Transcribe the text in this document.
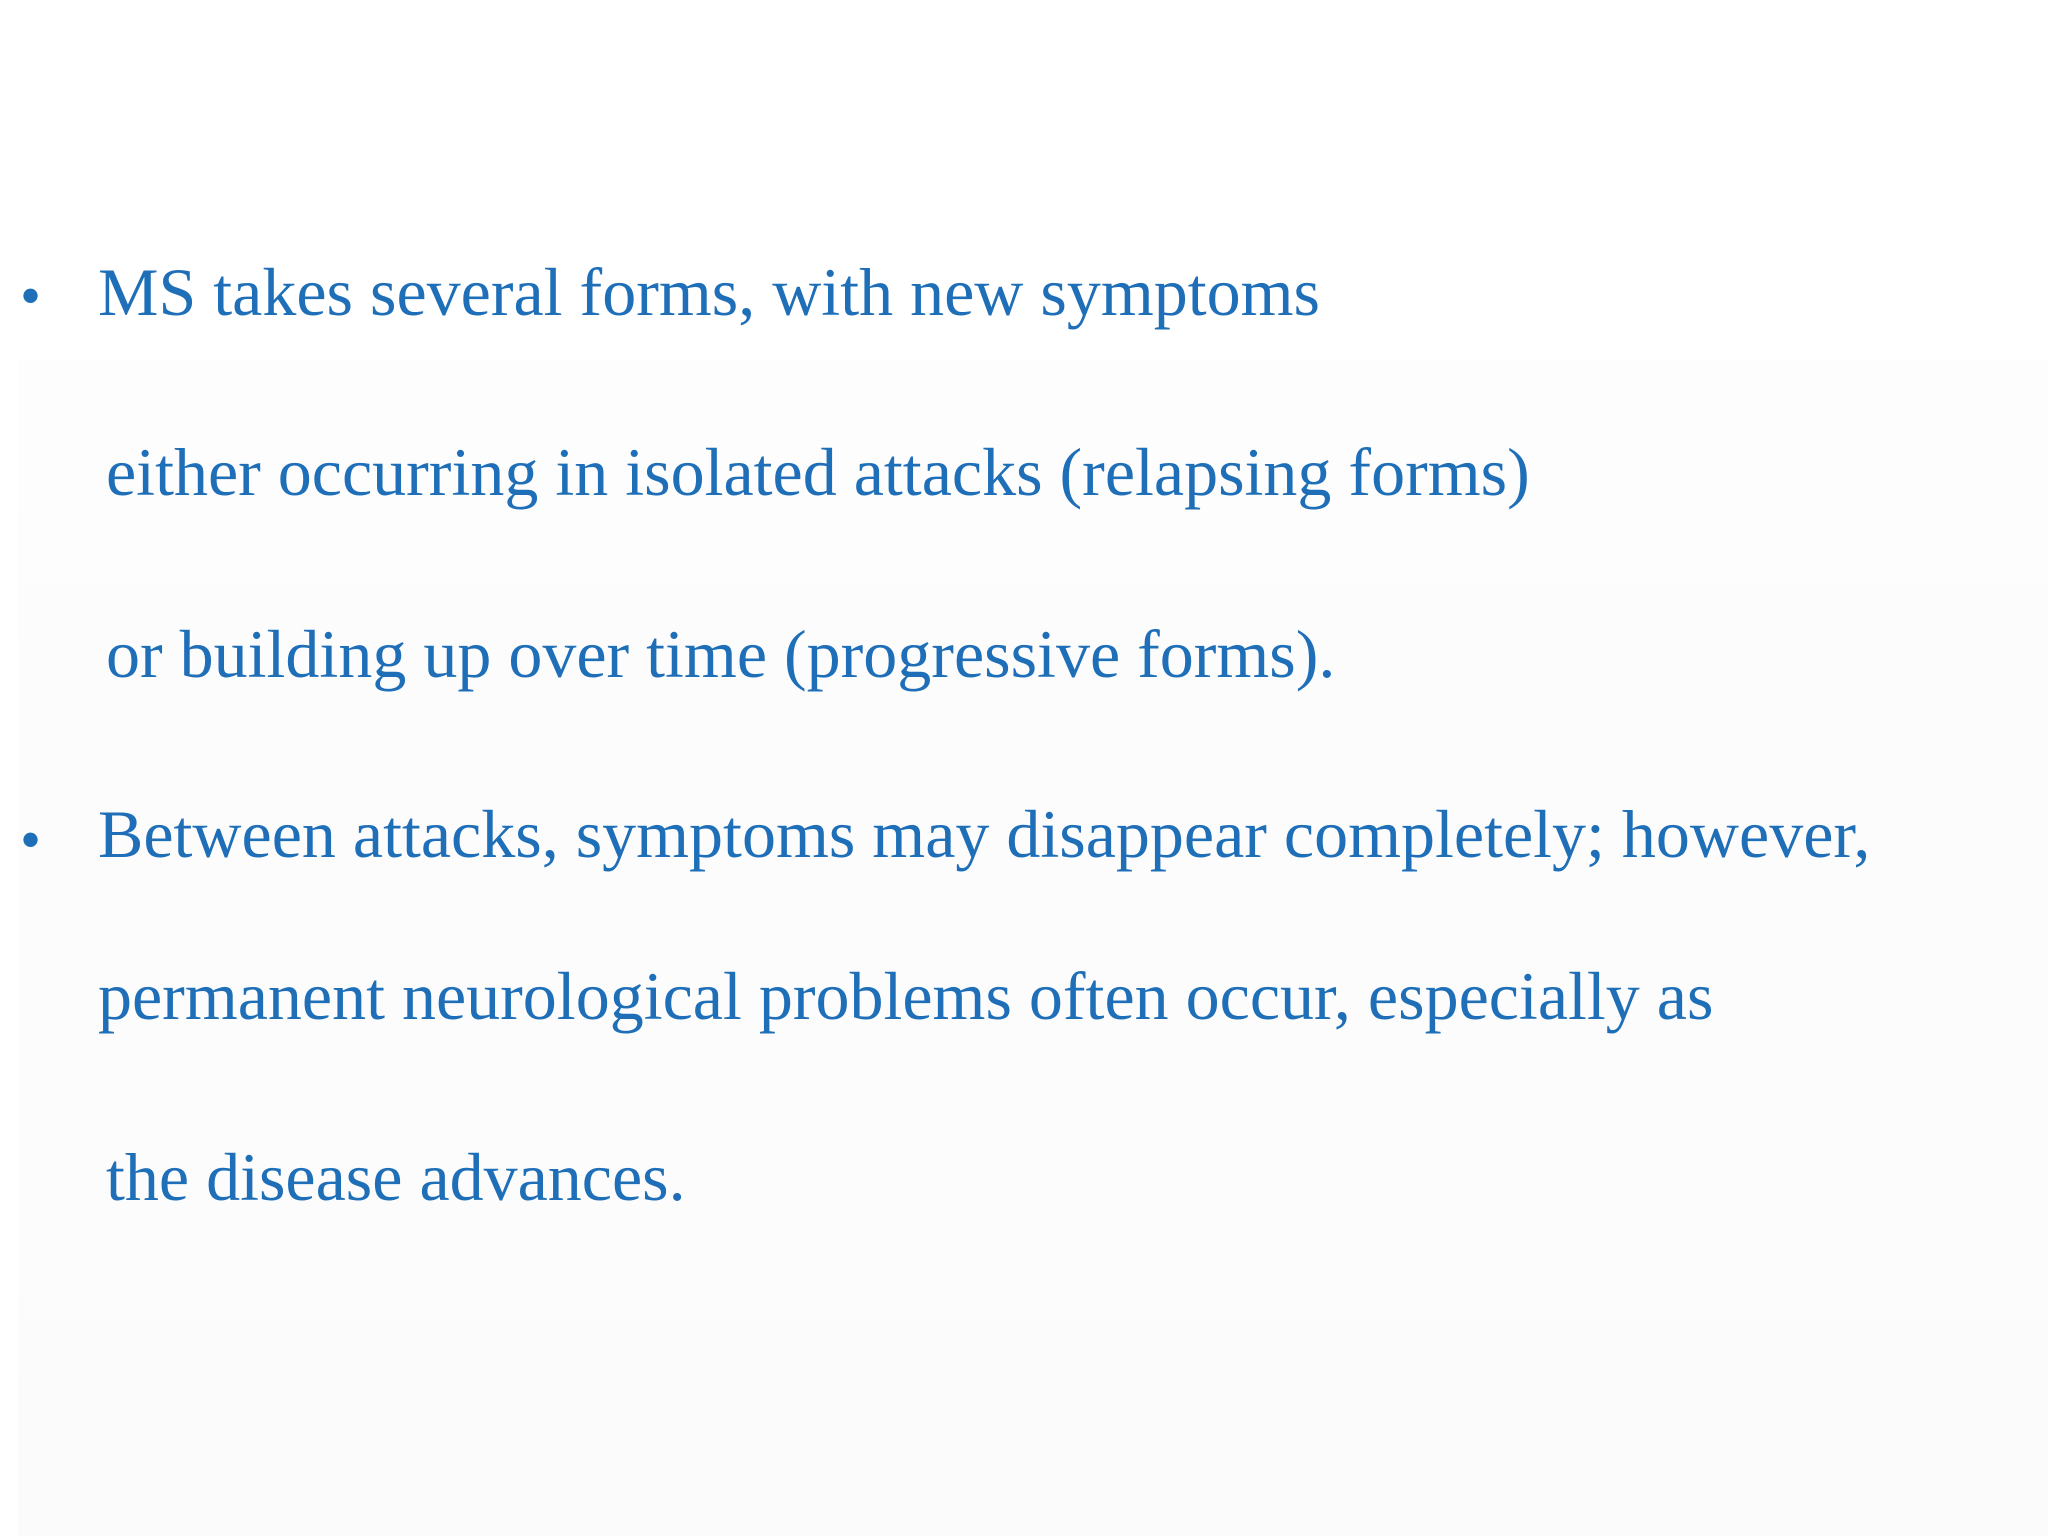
• MS takes several forms, with new symptoms

either occurring in isolated attacks (relapsing forms)

or building up over time (progressive forms).

• Between attacks, symptoms may disappear completely; however,

permanent neurological problems often occur, especially as

the disease advances.
